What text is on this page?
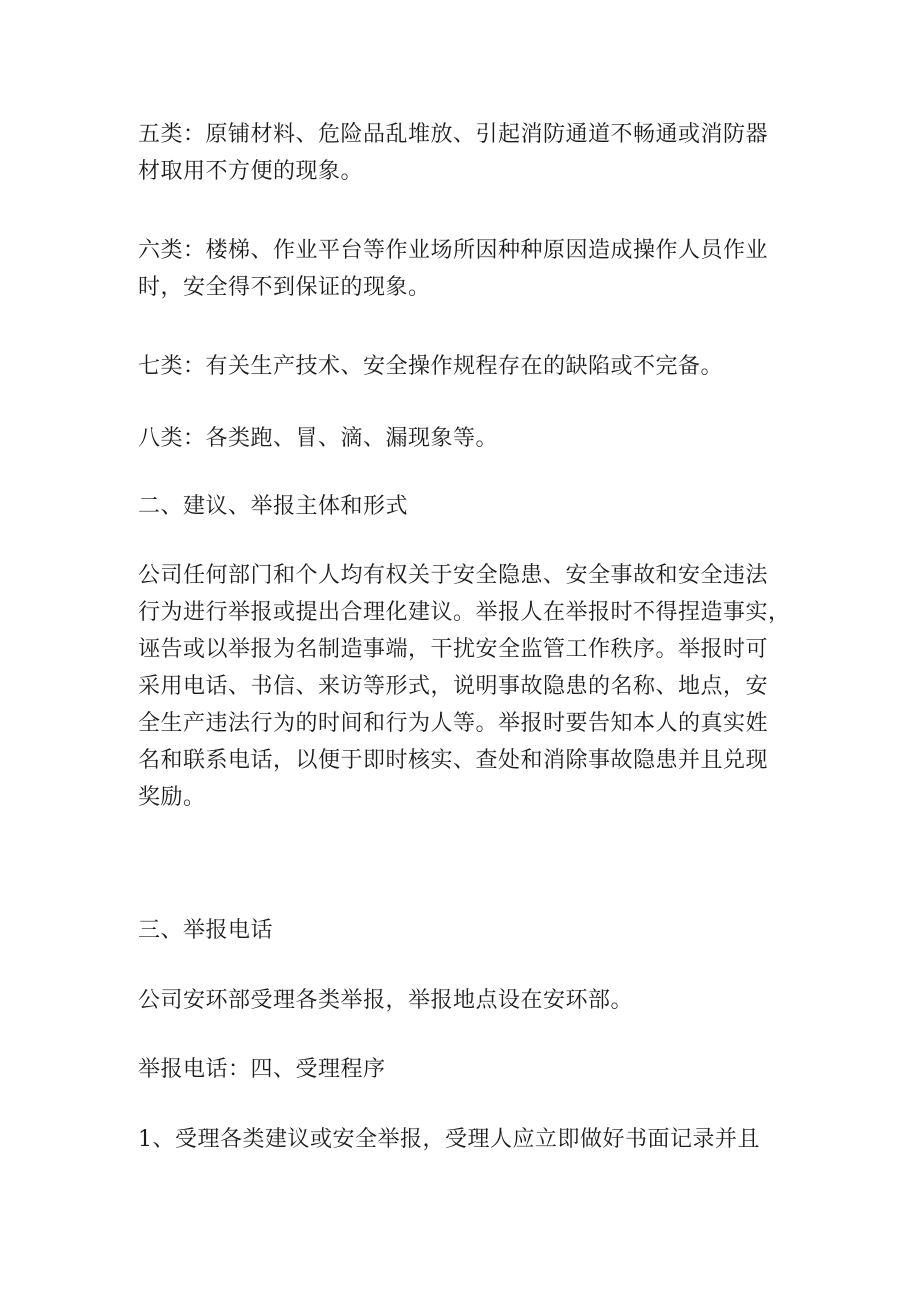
五类：原铺材料、危险品乱堆放、引起消防通道不畅通或消防器
材取用不方便的现象。

六类：楼梯、作业平台等作业场所因种种原因造成操作人员作业
时，安全得不到保证的现象。

七类：有关生产技术、安全操作规程存在的缺陷或不完备。

八类：各类跑、冒、滴、漏现象等。

二、建议、举报主体和形式

公司任何部门和个人均有权关于安全隐患、安全事故和安全违法
行为进行举报或提出合理化建议。举报人在举报时不得捏造事实，
诬告或以举报为名制造事端，干扰安全监管工作秩序。举报时可
采用电话、书信、来访等形式，说明事故隐患的名称、地点，安
全生产违法行为的时间和行为人等。举报时要告知本人的真实姓
名和联系电话，以便于即时核实、查处和消除事故隐患并且兑现
奖励。

三、举报电话

公司安环部受理各类举报，举报地点设在安环部。

举报电话：四、受理程序

1、受理各类建议或安全举报，受理人应立即做好书面记录并且
